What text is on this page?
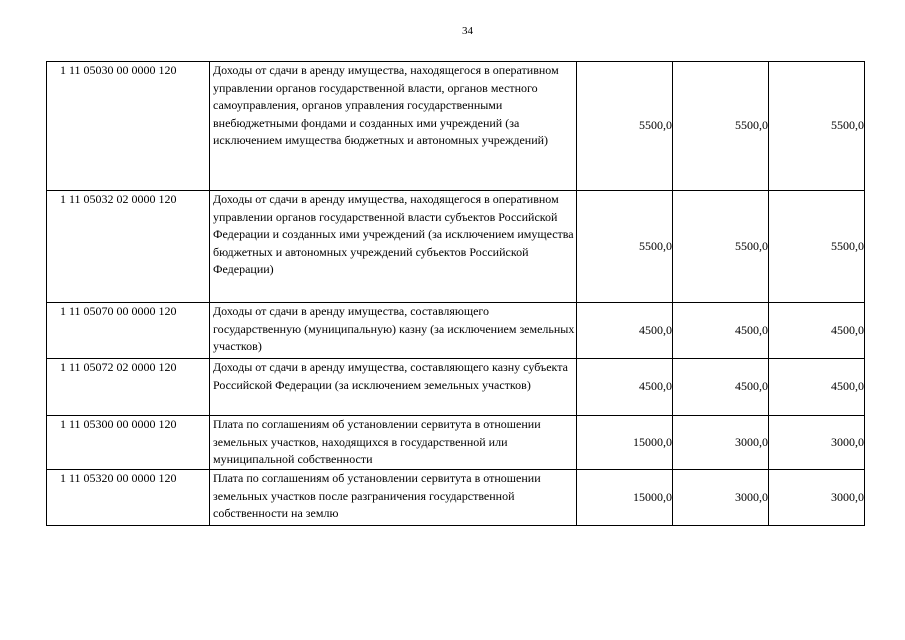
34
1 11 05030 00 0000 120	Доходы от сдачи в аренду имущества, находящегося в оперативном управлении органов государственной власти, органов местного самоуправления, органов управления государственными внебюджетными фондами и созданных ими учреждений (за исключением имущества бюджетных и автономных учреждений)	5500,0	5500,0	5500,0
1 11 05032 02 0000 120	Доходы от сдачи в аренду имущества, находящегося в оперативном управлении органов государственной власти субъектов Российской Федерации и созданных ими учреждений (за исключением имущества бюджетных и автономных учреждений субъектов Российской Федерации)	5500,0	5500,0	5500,0
1 11 05070 00 0000 120	Доходы от сдачи в аренду имущества, составляющего государственную (муниципальную) казну (за исключением земельных участков)	4500,0	4500,0	4500,0
1 11 05072 02 0000 120	Доходы от сдачи в аренду имущества, составляющего казну субъекта Российской Федерации (за исключением земельных участков)	4500,0	4500,0	4500,0
1 11 05300 00 0000 120	Плата по соглашениям об установлении сервитута в отношении земельных участков, находящихся в государственной или муниципальной собственности	15000,0	3000,0	3000,0
1 11 05320 00 0000 120	Плата по соглашениям об установлении сервитута в отношении земельных участков после разграничения государственной собственности на землю	15000,0	3000,0	3000,0
